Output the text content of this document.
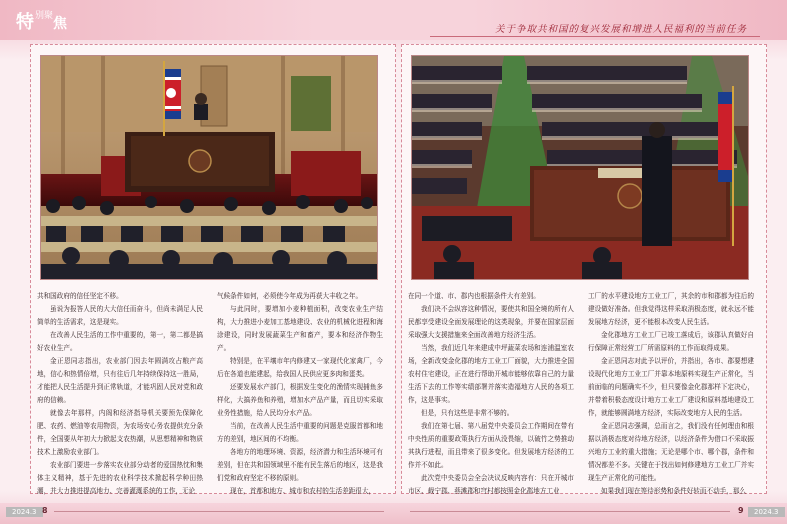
特$^{别聚}$焦	关于争取共和国的复兴发展和增进人民福利的当前任务

共和国政府的信任坚定不移。

虽说为报答人民的大大信任而奋斗，但尚未满足人民简单的生活需求，这是现实。

在改善人民生活的工作中重要的，第一，第二都是搞好农业生产。

金正恩同志指出，农业部门因去年圆满攻占粮产高地，信心和热情倍增，只有往后几年持续保持这一胜局，才能把人民生活提升到正常轨道，才能巩固人民对党和政府的信赖。

就像去年那样，内阁和经济指导机关要预先保障化肥、农药、燃油等农用物资，为农场安心务农提供充分条件，全国要从年初大力掀起支农热潮，从思想精神和物质技术上激励农业部门。

农业部门要进一步落实农业部分动者的爱国热忱和集体主义精神，基于先进的农业科学技术掀起科学种田热潮，并大力推进提高地力、完善灌溉系统的工作，无论

气候条件如何，必须使今年成为再获大丰收之年。

与此同时，要增加小麦种植面积，改变农业生产结构，大力推进小麦加工基地建设、农业的机械化进程和海涂建设，同时发展蔬菜生产和畜产，要本和经济作物生产。

特别是，在平壤市年内修建又一家现代化家禽厂，今后在各道也能建起，给我国人民供应更多肉和蛋类。

还要发展水产部门，根据发生变化的渔情实现捕鱼多样化，大搞养鱼和养殖，增加水产品产量，而且切实采取业务性措施，给人民均分水产品。

当前，在改善人民生活中重要的问题是克服首都和地方的差别，地区间的不均衡。

各地方的地理环境、资源，经济潜力和生活环境可有差别，但在共和国领域里不能有民生落后的地区，这是我们党和政府坚定不移的原则。

现在，首都和地方、城市和农村的生活差距很大，

在同一个道、市、郡内也根据条件大有差别。

我们决不会纵容这种情况，要使共和国全境的所有人民都享受建设全面发展理论的这类现象，并要在国家层面采取强大支援措施来全面改善地方经济生活。

当然，我们近几年来建成中坪蔬菜农场和连浦温室农场，全新改变金化郡的地方工业工厂面貌，大力推进全国农村住宅建设，正在进行帮助开城市能够依靠自己的力量生活下去的工作等实绩部署并落实造福地方人民的各项工作，这是事实。

但是，只有这些是非常不够的。

我们在第七届、第八届党中央委员会工作期间在带有中央性质的重要政策执行方面从没畏缩，以破竹之势推动其执行进程，而且带来了很多变化。但发展地方经济的工作并不如此。

此次党中央委员会全会决议反映内容有：只在开城市市区、载宁郡、燕滩郡和穹村都按照金化郡地方工业

工厂的水平建设地方工业工厂，其余的市和郡都为往后的建设做好准备。但我觉得这样采取消极态度，就永远不能发展地方经济，更不能根本改变人民生活。

金化郡地方工业工厂已竣工落成后，该郡认真做好自行保障正常经营工厂所需原料的工作而取得成果。

金正恩同志对此予以评价，并指出，各市、郡要想建设现代化地方工业工厂并靠本地原料实现生产正常化，当前面临的问题确实不少，但只要像金化郡那样下定决心，并带着积极态度设计地方工业工厂建设和原料基地建设工作，就能够圆满地方经济，实际改变地方人民的生活。

金正恩同志强调，总而言之，我们没有任何理由和根据以消极态度对待地方经济，以经济条件为借口不采取振兴地方工业的重大措施；无论是哪个市、哪个郡，条件和情况都差不多。关键在于找出如何修建地方工业工厂并实现生产正常化的可能性。

如果我们现在等待形势和条件好转而不动手，那么

2024.3 8	9	2024.3
